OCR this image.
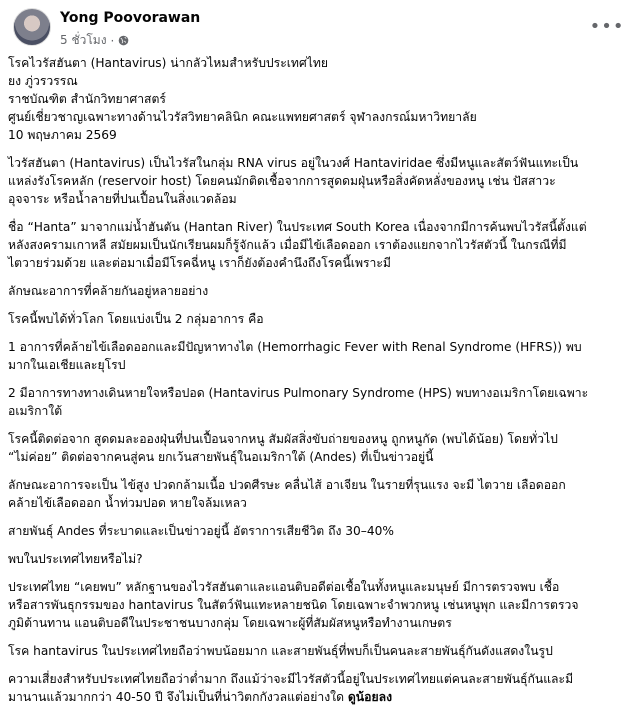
Yong Poovorawan
5 ชั่วโมง ·
•••

โรคไวรัสฮันตา (Hantavirus) น่ากลัวไหมสำหรับประเทศไทย

ยง ภู่วรวรรณ

ราชบัณฑิต สำนักวิทยาศาสตร์

ศูนย์เชี่ยวชาญเฉพาะทางด้านไวรัสวิทยาคลินิก คณะแพทยศาสตร์ จุฬาลงกรณ์มหาวิทยาลัย

10 พฤษภาคม 2569

ไวรัสฮันตา (Hantavirus) เป็นไวรัสในกลุ่ม RNA virus อยู่ในวงศ์ Hantaviridae ซึ่งมีหนูและสัตว์ฟันแทะเป็น

แหล่งรังโรคหลัก (reservoir host) โดยคนมักติดเชื้อจากการสูดดมฝุ่นหรือสิ่งคัดหลั่งของหนู เช่น ปัสสาวะ

อุจจาระ หรือน้ำลายที่ปนเปื้อนในสิ่งแวดล้อม

ชื่อ “Hanta” มาจากแม่น้ำฮันตัน (Hantan River) ในประเทศ South Korea เนื่องจากมีการค้นพบไวรัสนี้ตั้งแต่

หลังสงครามเกาหลี สมัยผมเป็นนักเรียนผมก็รู้จักแล้ว เมื่อมีไข้เลือดออก เราต้องแยกจากไวรัสตัวนี้ ในกรณีที่มี

ไตวายร่วมด้วย และต่อมาเมื่อมีโรคฉี่หนู เราก็ยังต้องคำนึงถึงโรคนี้เพราะมี

ลักษณะอาการที่คล้ายกันอยู่หลายอย่าง

โรคนี้พบได้ทั่วโลก โดยแบ่งเป็น 2 กลุ่มอาการ คือ

1 อาการที่คล้ายไข้เลือดออกและมีปัญหาทางไต (Hemorrhagic Fever with Renal Syndrome (HFRS)) พบ

มากในเอเชียและยุโรป

2 มีอาการทางทางเดินหายใจหรือปอด (Hantavirus Pulmonary Syndrome (HPS) พบทางอเมริกาโดยเฉพาะ

อเมริกาใต้

โรคนี้ติดต่อจาก สูดดมละอองฝุ่นที่ปนเปื้อนจากหนู สัมผัสสิ่งขับถ่ายของหนู ถูกหนูกัด (พบได้น้อย) โดยทั่วไป

“ไม่ค่อย” ติดต่อจากคนสู่คน ยกเว้นสายพันธุ์ในอเมริกาใต้ (Andes) ที่เป็นข่าวอยู่นี้

ลักษณะอาการจะเป็น ไข้สูง ปวดกล้ามเนื้อ ปวดศีรษะ คลื่นไส้ อาเจียน ในรายที่รุนแรง จะมี ไตวาย เลือดออก

คล้ายไข้เลือดออก น้ำท่วมปอด หายใจล้มเหลว

สายพันธุ์ Andes ที่ระบาดและเป็นข่าวอยู่นี้ อัตราการเสียชีวิต ถึง 30–40%

พบในประเทศไทยหรือไม่?

ประเทศไทย “เคยพบ” หลักฐานของไวรัสฮันตาและแอนติบอดีต่อเชื้อในทั้งหนูและมนุษย์ มีการตรวจพบ เชื้อ

หรือสารพันธุกรรมของ hantavirus ในสัตว์ฟันแทะหลายชนิด โดยเฉพาะจำพวกหนู เช่นหนูพุก และมีการตรวจ

ภูมิต้านทาน แอนติบอดีในประชาชนบางกลุ่ม โดยเฉพาะผู้ที่สัมผัสหนูหรือทำงานเกษตร

โรค hantavirus ในประเทศไทยถือว่าพบน้อยมาก และสายพันธุ์ที่พบก็เป็นคนละสายพันธุ์กันดังแสดงในรูป

ความเสี่ยงสำหรับประเทศไทยถือว่าต่ำมาก ถึงแม้ว่าจะมีไวรัสตัวนี้อยู่ในประเทศไทยแต่คนละสายพันธุ์กันและมี

มานานแล้วมากกว่า 40-50 ปี จึงไม่เป็นที่น่าวิตกกังวลแต่อย่างใด ดูน้อยลง
